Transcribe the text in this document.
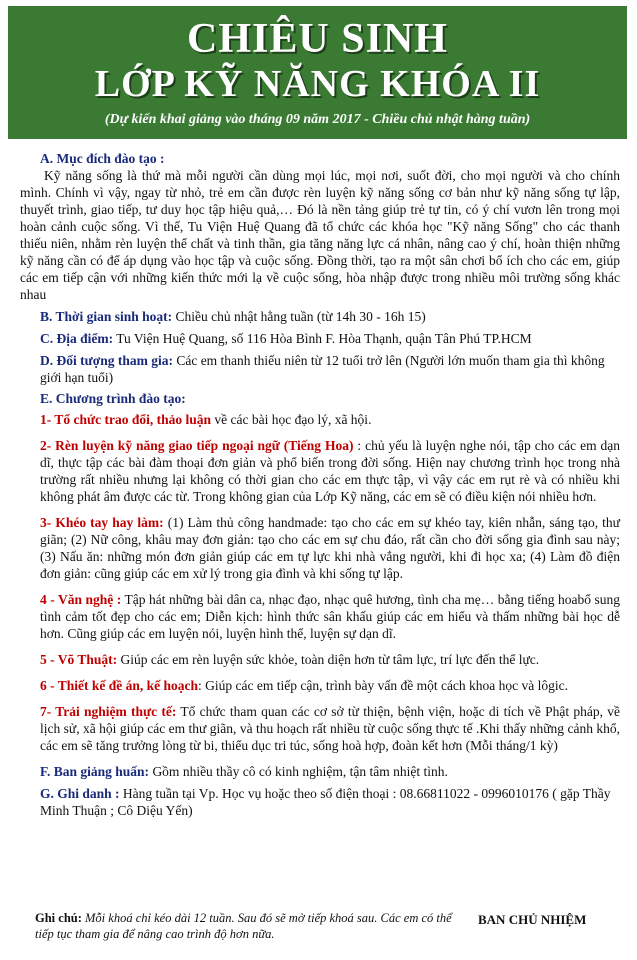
CHIÊU SINH
LỚP KỸ NĂNG KHÓA II
(Dự kiến khai giảng vào tháng 09 năm 2017 - Chiều chủ nhật hàng tuần)
A. Mục đích đào tạo :

Kỹ năng sống là thứ mà mỗi người cần dùng mọi lúc, mọi nơi, suốt đời, cho mọi người và cho chính mình. Chính vì vậy, ngay từ nhỏ, trẻ em cần được rèn luyện kỹ năng sống cơ bản như kỹ năng sống tự lập, thuyết trình, giao tiếp, tư duy học tập hiệu quả,… Đó là nền tảng giúp trẻ tự tin, có ý chí vươn lên trong mọi hoàn cảnh cuộc sống. Vì thế, Tu Viện Huệ Quang đã tổ chức các khóa học "Kỹ năng Sống" cho các thanh thiếu niên, nhằm rèn luyện thể chất và tinh thần, gia tăng năng lực cá nhân, nâng cao ý chí, hoàn thiện những kỹ năng cần có để áp dụng vào học tập và cuộc sống. Đồng thời, tạo ra một sân chơi bổ ích cho các em, giúp các em tiếp cận với những kiến thức mới lạ về cuộc sống, hòa nhập được trong nhiều môi trường sống khác nhau

B. Thời gian sinh hoạt: Chiều chủ nhật hằng tuần (từ 14h 30 - 16h 15)
C. Địa điểm: Tu Viện Huệ Quang, số 116 Hòa Bình F. Hòa Thạnh, quận Tân Phú TP.HCM
D. Đối tượng tham gia: Các em thanh thiếu niên từ 12 tuổi trở lên (Người lớn muốn tham gia thì không giới hạn tuổi)
E. Chương trình đào tạo:
1- Tổ chức trao đổi, thảo luận về các bài học đạo lý, xã hội.
2- Rèn luyện kỹ năng giao tiếp ngoại ngữ (Tiếng Hoa) : chủ yếu là luyện nghe nói, tập cho các em dạn dĩ, thực tập các bài đàm thoại đơn giản và phổ biến trong đời sống. Hiện nay chương trình học trong nhà trường rất nhiều nhưng lại không có thời gian cho các em thực tập, vì vậy các em rụt rè và có nhiều khi không phát âm được các từ. Trong không gian của Lớp Kỹ năng, các em sẽ có điều kiện nói nhiều hơn.
3- Khéo tay hay làm: (1) Làm thủ công handmade: tạo cho các em sự khéo tay, kiên nhẫn, sáng tạo, thư giãn; (2) Nữ công, khâu may đơn giản: tạo cho các em sự chu đáo, rất cần cho đời sống gia đình sau này; (3) Nấu ăn: những món đơn giản giúp các em tự lực khi nhà vắng người, khi đi học xa; (4) Làm đồ điện đơn giản: cũng giúp các em xử lý trong gia đình và khi sống tự lập.
4 - Văn nghệ : Tập hát những bài dân ca, nhạc đạo, nhạc quê hương, tình cha mẹ… bằng tiếng hoabổ sung tình cảm tốt đẹp cho các em; Diễn kịch: hình thức sân khấu giúp các em hiểu và thấm những bài học dễ hơn. Cũng giúp các em luyện nói, luyện hình thể, luyện sự dạn dĩ.
5 - Võ Thuật: Giúp các em rèn luyện sức khỏe, toàn diện hơn từ tâm lực, trí lực đến thể lực.
6 - Thiết kế đề án, kế hoạch: Giúp các em tiếp cận, trình bày vấn đề một cách khoa học và lôgic.
7- Trải nghiệm thực tế: Tổ chức tham quan các cơ sở từ thiện, bệnh viện, hoặc di tích về Phật pháp, về lịch sử, xã hội giúp các em thư giãn, và thu hoạch rất nhiều từ cuộc sống thực tế .Khi thấy những cảnh khổ, các em sẽ tăng trưởng lòng từ bi, thiểu dục tri túc, sống hoà hợp, đoàn kết hơn (Mỗi tháng/1 kỳ)
F. Ban giảng huấn: Gồm nhiều thầy cô có kinh nghiệm, tận tâm nhiệt tình.
G. Ghi danh : Hàng tuần tại Vp. Học vụ hoặc theo số điện thoại : 08.66811022 - 0996010176 ( gặp Thầy Minh Thuận ; Cô Diệu Yến)
Ghi chú: Mỗi khoá chỉ kéo dài 12 tuần. Sau đó sẽ mở tiếp khoá sau. Các em có thể tiếp tục tham gia để nâng cao trình độ hơn nữa.
BAN CHỦ NHIỆM
